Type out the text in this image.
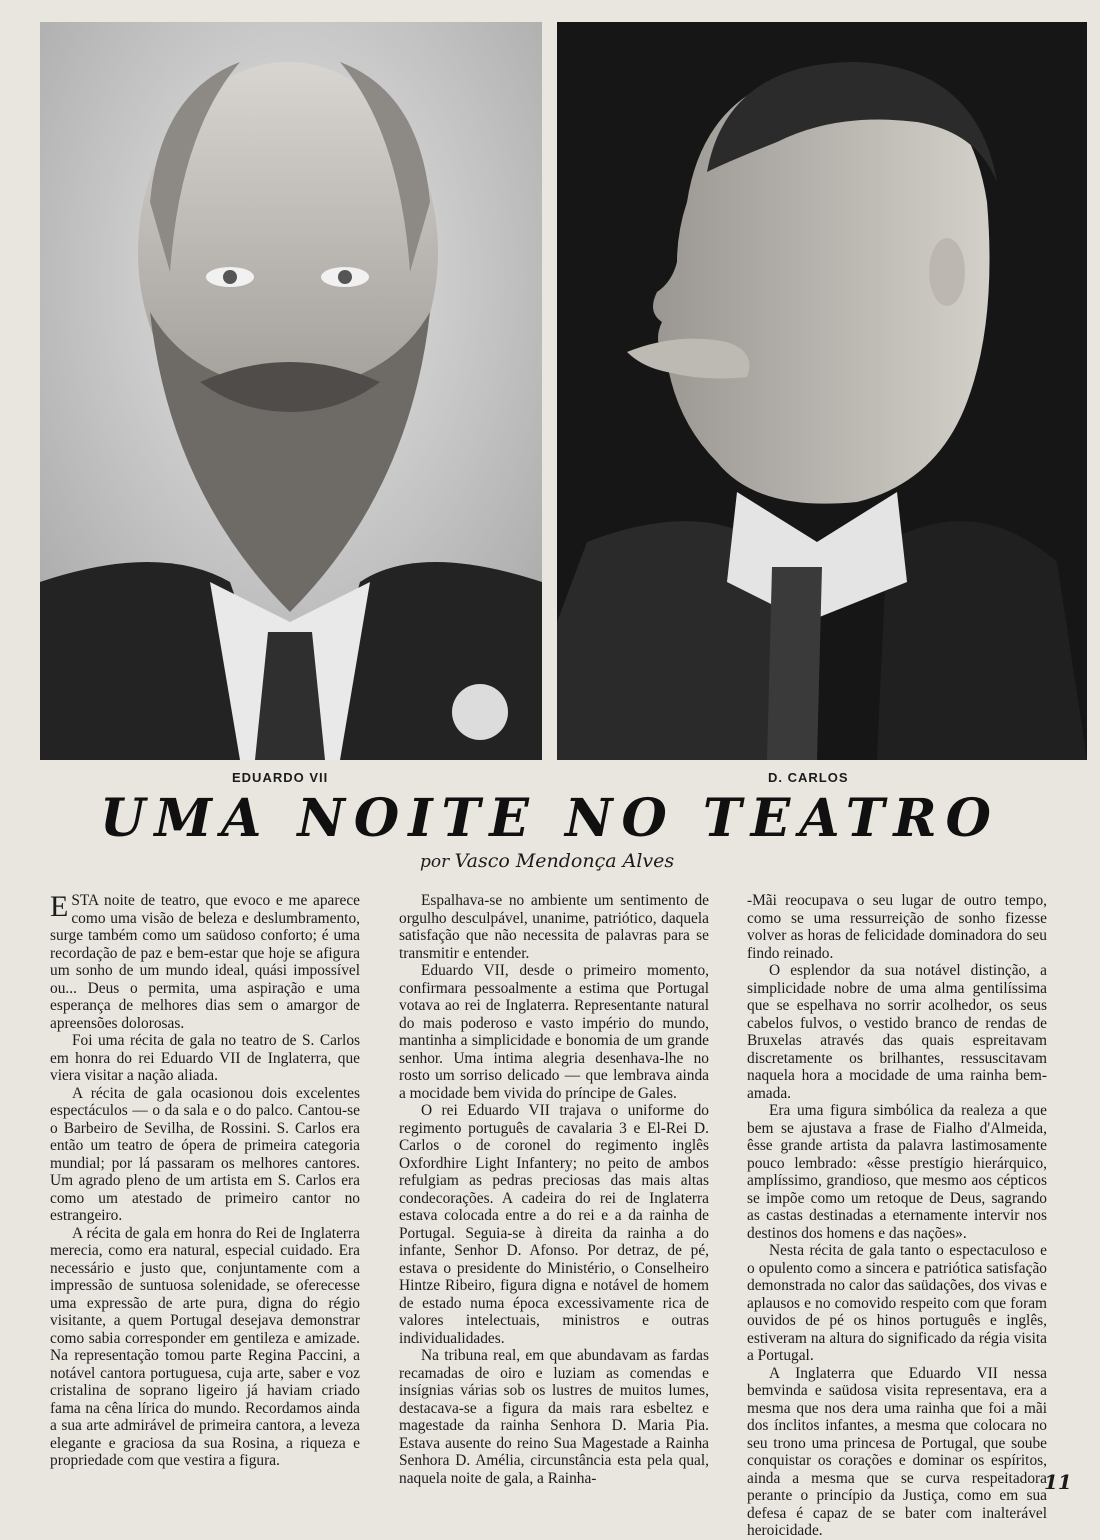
EDUARDO VII	D. CARLOS
UMA NOITE NO TEATRO
por Vasco Mendonça Alves

ESTA noite de teatro, que evoco e me aparece como uma visão de beleza e deslumbramento, surge também como um saüdoso conforto; é uma recordação de paz e bem-estar que hoje se afigura um sonho de um mundo ideal, quási impossível ou... Deus o permita, uma aspiração e uma esperança de melhores dias sem o amargor de apreensões dolorosas.

Foi uma récita de gala no teatro de S. Carlos em honra do rei Eduardo VII de Inglaterra, que viera visitar a nação aliada.

A récita de gala ocasionou dois excelentes espectáculos — o da sala e o do palco. Cantou-se o Barbeiro de Sevilha, de Rossini. S. Carlos era então um teatro de ópera de primeira categoria mundial; por lá passaram os melhores cantores. Um agrado pleno de um artista em S. Carlos era como um atestado de primeiro cantor no estrangeiro.

A récita de gala em honra do Rei de Inglaterra merecia, como era natural, especial cuidado. Era necessário e justo que, conjuntamente com a impressão de suntuosa solenidade, se oferecesse uma expressão de arte pura, digna do régio visitante, a quem Portugal desejava demonstrar como sabia corresponder em gentileza e amizade. Na representação tomou parte Regina Paccini, a notável cantora portuguesa, cuja arte, saber e voz cristalina de soprano ligeiro já haviam criado fama na cêna lírica do mundo. Recordamos ainda a sua arte admirável de primeira cantora, a leveza elegante e graciosa da sua Rosina, a riqueza e propriedade com que vestira a figura.

Espalhava-se no ambiente um sentimento de orgulho desculpável, unanime, patriótico, daquela satisfação que não necessita de palavras para se transmitir e entender.

Eduardo VII, desde o primeiro momento, confirmara pessoalmente a estima que Portugal votava ao rei de Inglaterra. Representante natural do mais poderoso e vasto império do mundo, mantinha a simplicidade e bonomia de um grande senhor. Uma intima alegria desenhava-lhe no rosto um sorriso delicado — que lembrava ainda a mocidade bem vivida do príncipe de Gales.

O rei Eduardo VII trajava o uniforme do regimento português de cavalaria 3 e El-Rei D. Carlos o de coronel do regimento inglês Oxfordhire Light Infantery; no peito de ambos refulgiam as pedras preciosas das mais altas condecorações. A cadeira do rei de Inglaterra estava colocada entre a do rei e a da rainha de Portugal. Seguia-se à direita da rainha a do infante, Senhor D. Afonso. Por detraz, de pé, estava o presidente do Ministério, o Conselheiro Hintze Ribeiro, figura digna e notável de homem de estado numa época excessivamente rica de valores intelectuais, ministros e outras individualidades.

Na tribuna real, em que abundavam as fardas recamadas de oiro e luziam as comendas e insígnias várias sob os lustres de muitos lumes, destacava-se a figura da mais rara esbeltez e magestade da rainha Senhora D. Maria Pia. Estava ausente do reino Sua Magestade a Rainha Senhora D. Amélia, circunstância esta pela qual, naquela noite de gala, a Rainha-

-Mãi reocupava o seu lugar de outro tempo, como se uma ressurreição de sonho fizesse volver as horas de felicidade dominadora do seu findo reinado.

O esplendor da sua notável distinção, a simplicidade nobre de uma alma gentilíssima que se espelhava no sorrir acolhedor, os seus cabelos fulvos, o vestido branco de rendas de Bruxelas através das quais espreitavam discretamente os brilhantes, ressuscitavam naquela hora a mocidade de uma rainha bem-amada.

Era uma figura simbólica da realeza a que bem se ajustava a frase de Fialho d'Almeida, êsse grande artista da palavra lastimosamente pouco lembrado: «êsse prestígio hierárquico, amplíssimo, grandioso, que mesmo aos cépticos se impõe como um retoque de Deus, sagrando as castas destinadas a eternamente intervir nos destinos dos homens e das nações».

Nesta récita de gala tanto o espectaculoso e o opulento como a sincera e patriótica satisfação demonstrada no calor das saüdações, dos vivas e aplausos e no comovido respeito com que foram ouvidos de pé os hinos português e inglês, estiveram na altura do significado da régia visita a Portugal.

A Inglaterra que Eduardo VII nessa bemvinda e saüdosa visita representava, era a mesma que nos dera uma rainha que foi a mãi dos ínclitos infantes, a mesma que colocara no seu trono uma princesa de Portugal, que soube conquistar os corações e dominar os espíritos, ainda a mesma que se curva respeitadora perante o princípio da Justiça, como em sua defesa é capaz de se bater com inalterável heroicidade.

11
